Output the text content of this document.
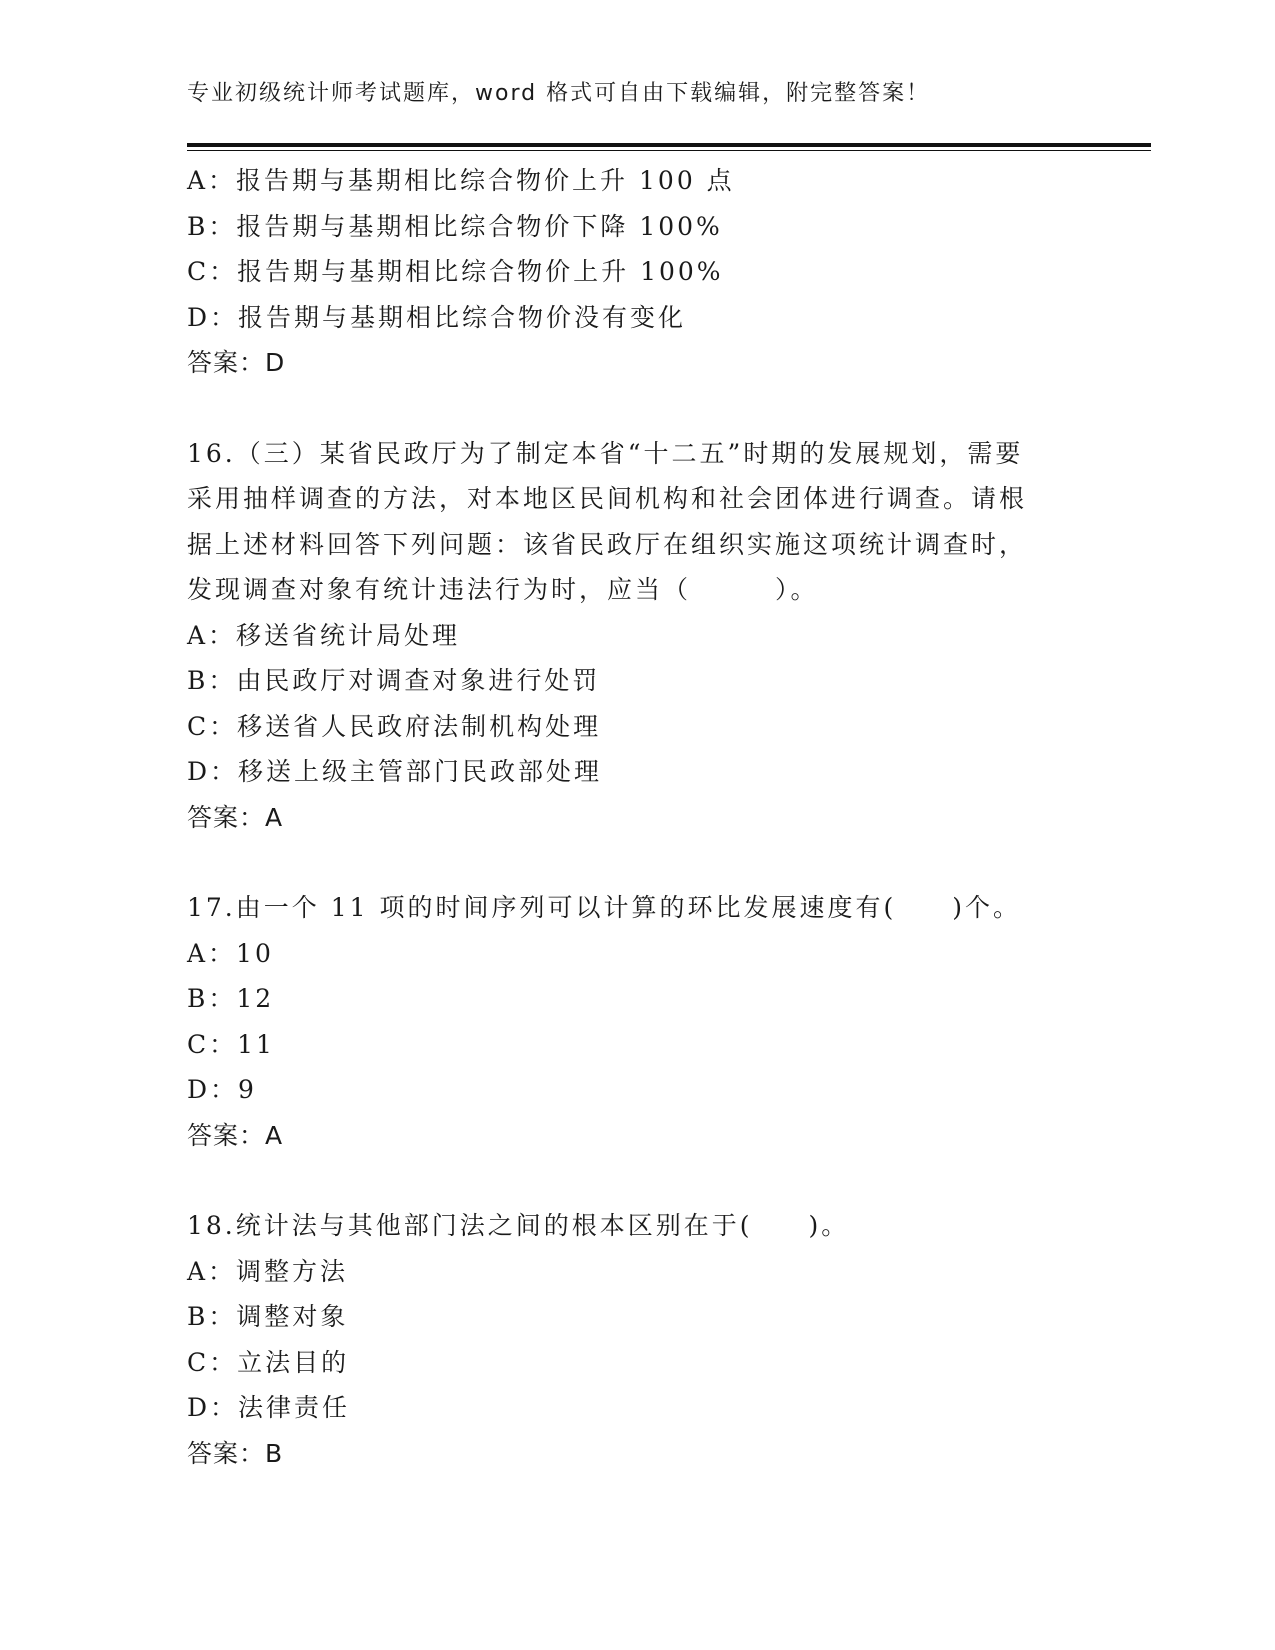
专业初级统计师考试题库，word 格式可自由下载编辑，附完整答案！
A：报告期与基期相比综合物价上升 100 点
B：报告期与基期相比综合物价下降 100%
C：报告期与基期相比综合物价上升 100%
D：报告期与基期相比综合物价没有变化
答案：D
16.（三）某省民政厅为了制定本省“十二五”时期的发展规划，需要
采用抽样调查的方法，对本地区民间机构和社会团体进行调查。请根
据上述材料回答下列问题：该省民政厅在组织实施这项统计调查时，
发现调查对象有统计违法行为时，应当（　　　）。
A：移送省统计局处理
B：由民政厅对调查对象进行处罚
C：移送省人民政府法制机构处理
D：移送上级主管部门民政部处理
答案：A
17.由一个 11 项的时间序列可以计算的环比发展速度有(　　)个。
A：10
B：12
C：11
D：9
答案：A
18.统计法与其他部门法之间的根本区别在于(　　)。
A：调整方法
B：调整对象
C：立法目的
D：法律责任
答案：B
